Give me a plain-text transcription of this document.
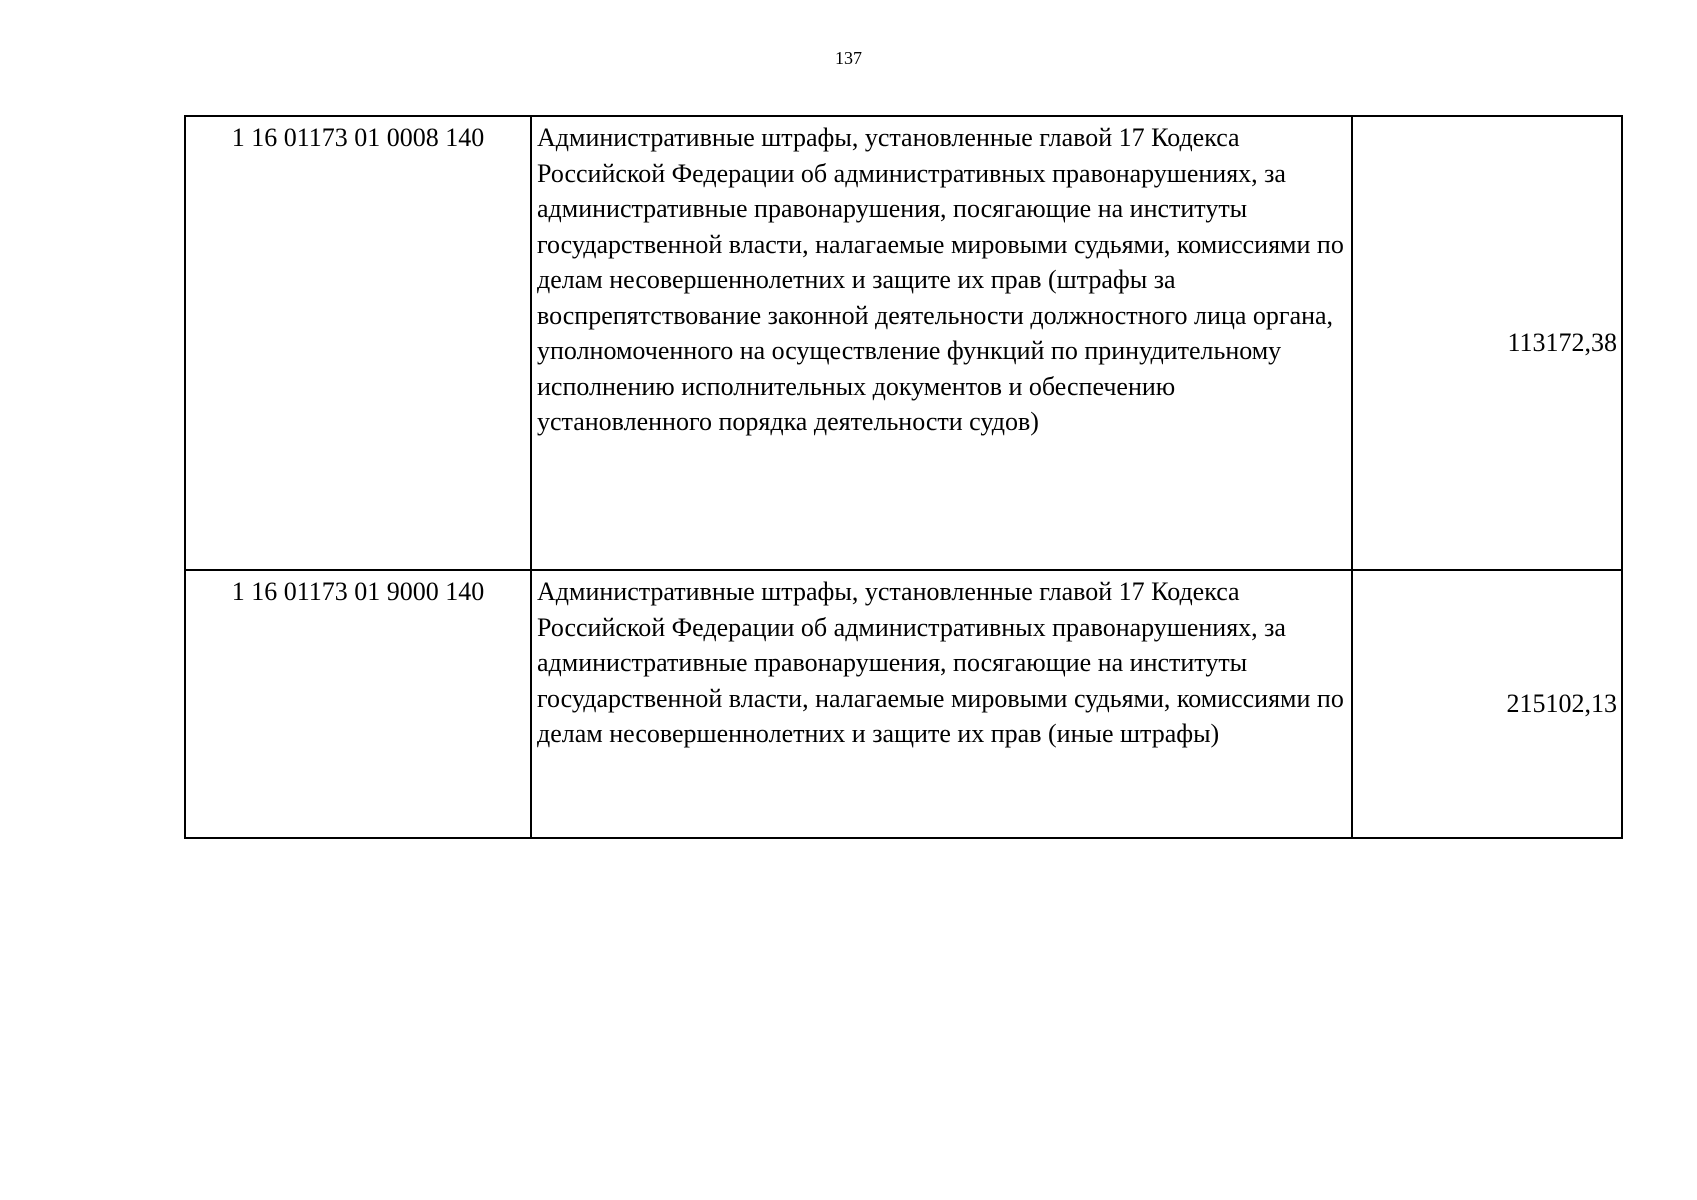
137
1 16 01173 01 0008 140	Административные штрафы, установленные главой 17 Кодекса Российской Федерации об административных правонарушениях, за административные правонарушения, посягающие на институты государственной власти, налагаемые мировыми судьями, комиссиями по делам несовершеннолетних и защите их прав (штрафы за воспрепятствование законной деятельности должностного лица органа, уполномоченного на осуществление функций по принудительному исполнению исполнительных документов и обеспечению установленного порядка деятельности судов)	113172,38
1 16 01173 01 9000 140	Административные штрафы, установленные главой 17 Кодекса Российской Федерации об административных правонарушениях, за административные правонарушения, посягающие на институты государственной власти, налагаемые мировыми судьями, комиссиями по делам несовершеннолетних и защите их прав (иные штрафы)	215102,13
